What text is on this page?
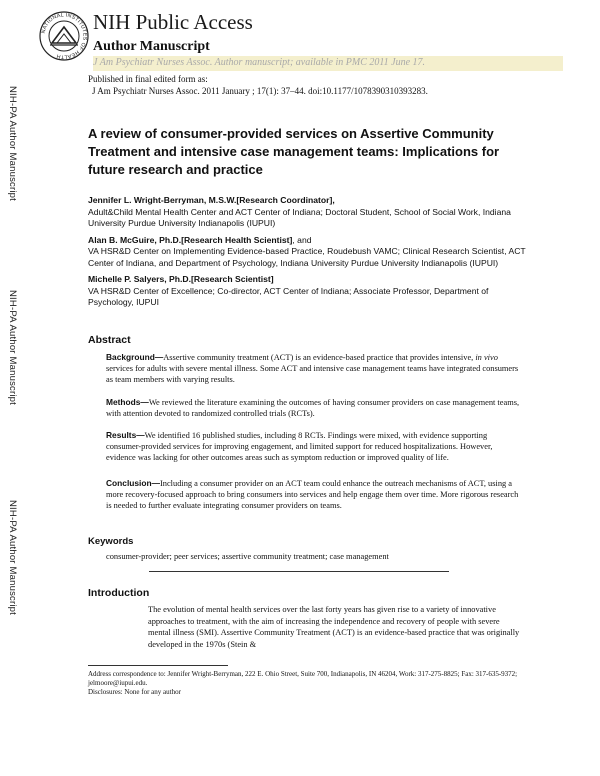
NATIONAL INSTITUTES OF HEALTH
NIH Public Access
Author Manuscript
J Am Psychiatr Nurses Assoc. Author manuscript; available in PMC 2011 June 17.
Published in final edited form as:
J Am Psychiatr Nurses Assoc. 2011 January ; 17(1): 37–44. doi:10.1177/1078390310393283.
NIH-PA Author Manuscript
NIH-PA Author Manuscript
NIH-PA Author Manuscript
A review of consumer-provided services on Assertive Community Treatment and intensive case management teams: Implications for future research and practice
Jennifer L. Wright-Berryman, M.S.W.[Research Coordinator],
Adult&Child Mental Health Center and ACT Center of Indiana; Doctoral Student, School of Social Work, Indiana University Purdue University Indianapolis (IUPUI)
Alan B. McGuire, Ph.D.[Research Health Scientist], and
VA HSR&D Center on Implementing Evidence-based Practice, Roudebush VAMC; Clinical Research Scientist, ACT Center of Indiana, and Department of Psychology, Indiana University Purdue University Indianapolis (IUPUI)
Michelle P. Salyers, Ph.D.[Research Scientist]
VA HSR&D Center of Excellence; Co-director, ACT Center of Indiana; Associate Professor, Department of Psychology, IUPUI
Abstract
Background—Assertive community treatment (ACT) is an evidence-based practice that provides intensive, in vivo services for adults with severe mental illness. Some ACT and intensive case management teams have integrated consumers as team members with varying results.
Methods—We reviewed the literature examining the outcomes of having consumer providers on case management teams, with attention devoted to randomized controlled trials (RCTs).
Results—We identified 16 published studies, including 8 RCTs. Findings were mixed, with evidence supporting consumer-provided services for improving engagement, and limited support for reduced hospitalizations. However, evidence was lacking for other outcomes areas such as symptom reduction or improved quality of life.
Conclusion—Including a consumer provider on an ACT team could enhance the outreach mechanisms of ACT, using a more recovery-focused approach to bring consumers into services and help engage them over time. More rigorous research is needed to further evaluate integrating consumer providers on teams.
Keywords
consumer-provider; peer services; assertive community treatment; case management
Introduction
The evolution of mental health services over the last forty years has given rise to a variety of innovative approaches to treatment, with the aim of increasing the independence and recovery of people with severe mental illness (SMI). Assertive Community Treatment (ACT) is an evidence-based practice that was originally developed in the 1970s (Stein &
Address correspondence to: Jennifer Wright-Berryman, 222 E. Ohio Street, Suite 700, Indianapolis, IN 46204, Work: 317-275-8825; Fax: 317-635-9372; jelmoore@iupui.edu.
Disclosures: None for any author
